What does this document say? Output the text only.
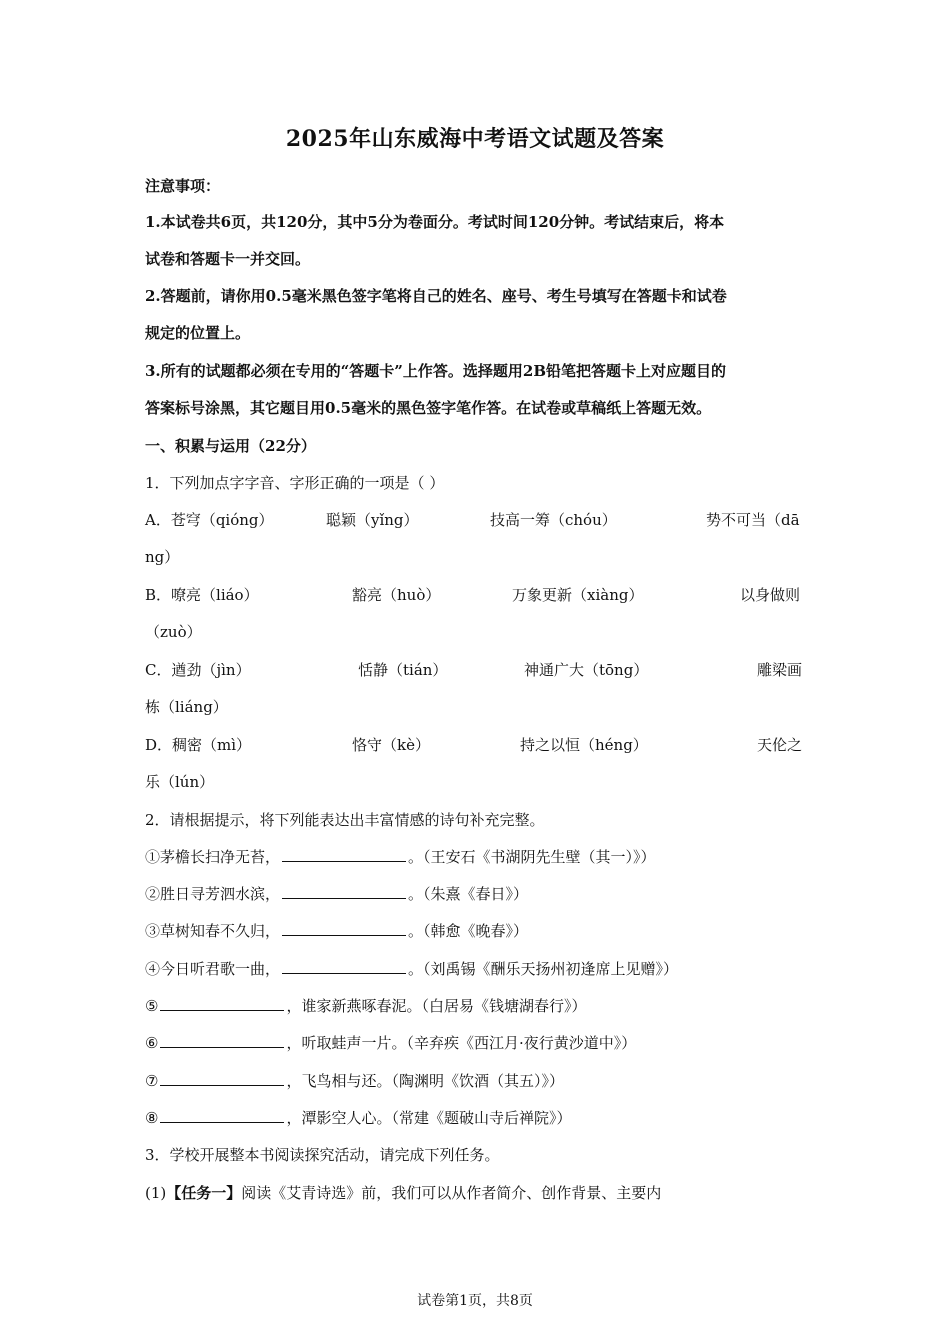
2025年山东威海中考语文试题及答案
注意事项：
1.本试卷共6页，共120分，其中5分为卷面分。考试时间120分钟。考试结束后，将本
试卷和答题卡一并交回。
2.答题前，请你用0.5毫米黑色签字笔将自己的姓名、座号、考生号填写在答题卡和试卷
规定的位置上。
3.所有的试题都必须在专用的“答题卡”上作答。选择题用2B铅笔把答题卡上对应题目的
答案标号涂黑，其它题目用0.5毫米的黑色签字笔作答。在试卷或草稿纸上答题无效。
一、积累与运用（22分）
1．下列加点字字音、字形正确的一项是（ ）
A．苍穹（qióng）	聪颖（yǐng）	技高一筹（chóu）	势不可当（dā
ng）
B．嘹亮（liáo）	豁亮（huò）	万象更新（xiàng）	以身做则
（zuò）
C．遒劲（jìn）	恬静（tián）	神通广大（tōng）	雕梁画
栋（liáng）
D．稠密（mì）	恪守（kè）	持之以恒（héng）	天伦之
乐（lún）
2．请根据提示，将下列能表达出丰富情感的诗句补充完整。
①茅檐长扫净无苔，	。（王安石《书湖阴先生壁（其一）》）
②胜日寻芳泗水滨，	。（朱熹《春日》）
③草树知春不久归，	。（韩愈《晚春》）
④今日听君歌一曲，	。（刘禹锡《酬乐天扬州初逢席上见赠》）
⑤	，谁家新燕啄春泥。（白居易《钱塘湖春行》）
⑥	，听取蛙声一片。（辛弃疾《西江月·夜行黄沙道中》）
⑦	，飞鸟相与还。（陶渊明《饮酒（其五）》）
⑧	，潭影空人心。（常建《题破山寺后禅院》）
3．学校开展整本书阅读探究活动，请完成下列任务。
(1)【任务一】阅读《艾青诗选》前，我们可以从作者简介、创作背景、主要内
试卷第1页，共8页
